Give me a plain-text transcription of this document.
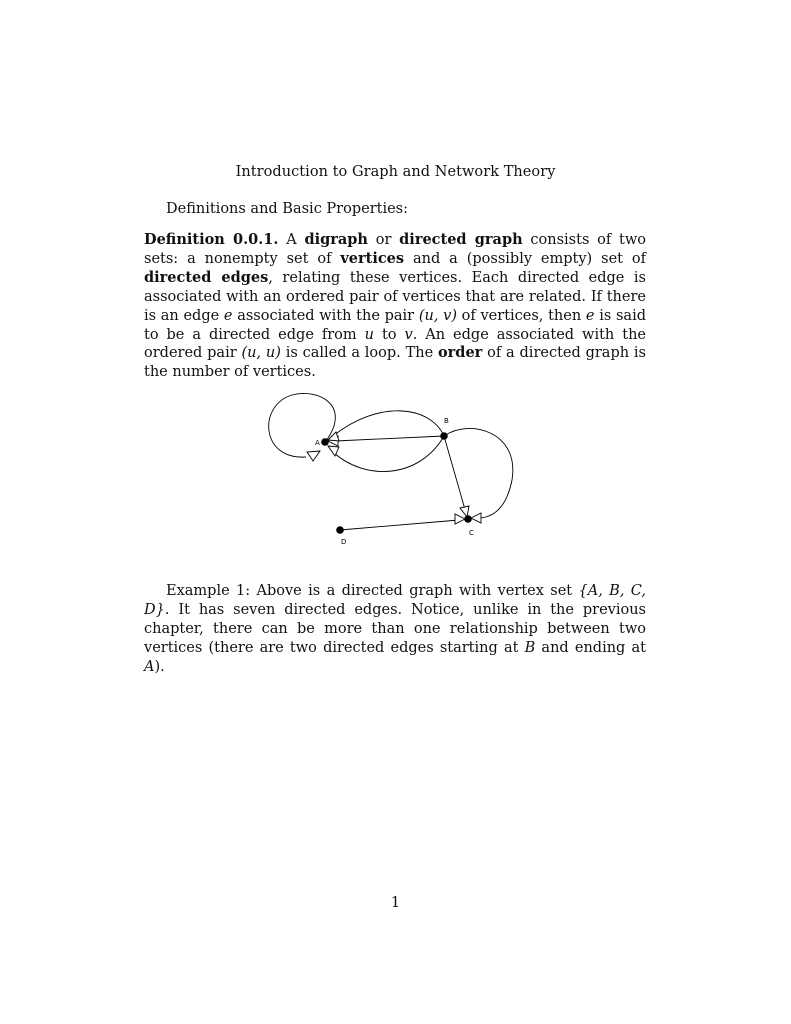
Introduction to Graph and Network Theory
Definitions and Basic Properties:

Definition 0.0.1. A digraph or directed graph consists of two sets: a nonempty set of vertices and a (possibly empty) set of directed edges, relating these vertices. Each directed edge is associated with an ordered pair of vertices that are related. If there is an edge e associated with the pair (u, v) of vertices, then e is said to be a directed edge from u to v. An edge associated with the ordered pair (u, u) is called a loop. The order of a directed graph is the number of vertices.

A
B
C
D

Example 1: Above is a directed graph with vertex set {A, B, C, D}. It has seven directed edges. Notice, unlike in the previous chapter, there can be more than one relationship between two vertices (there are two directed edges starting at B and ending at A).

1
